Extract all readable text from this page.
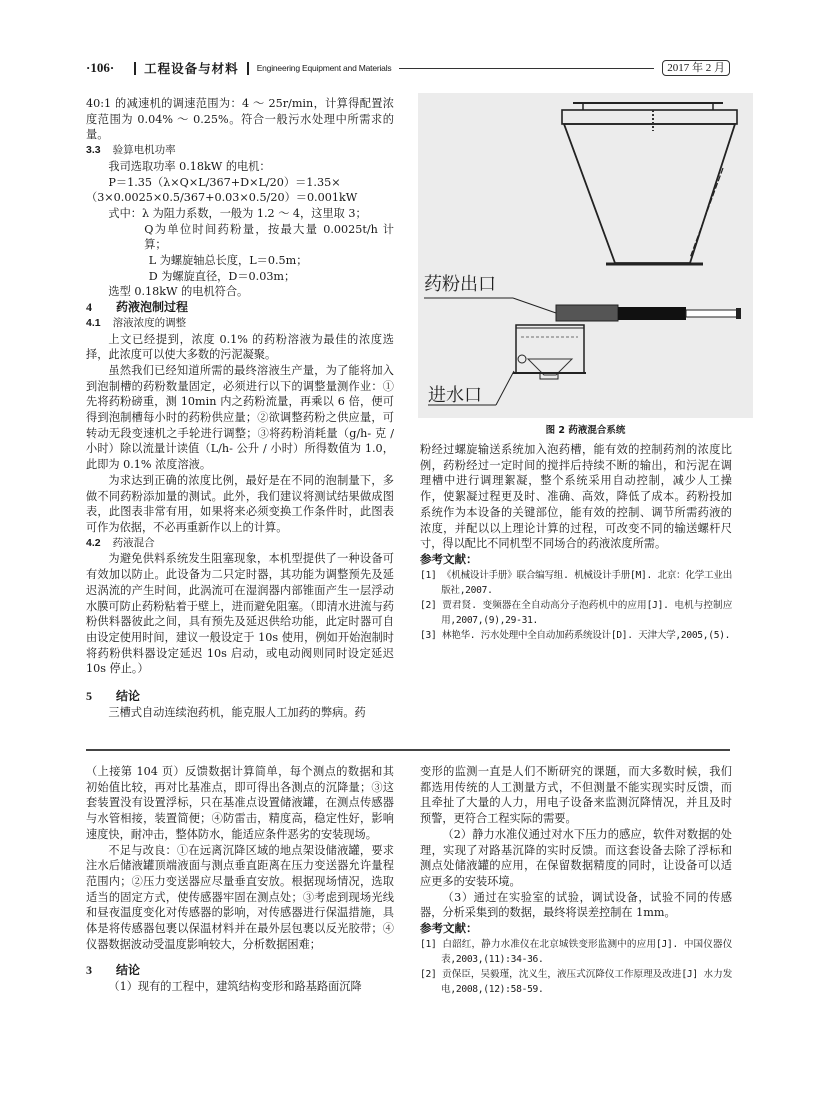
·106· 工程设备与材料 Engineering Equipment and Materials	2017 年 2 月

40:1 的减速机的调速范围为：4 ～ 25r/min，计算得配置浓度范围为 0.04% ～ 0.25%。符合一般污水处理中所需求的量。

3.3 验算电机功率

我司选取功率 0.18kW 的电机：

P＝1.35（λ×Q×L/367+D×L/20）＝1.35×

（3×0.0025×0.5/367+0.03×0.5/20）＝0.001kW

式中：λ 为阻力系数，一般为 1.2 ～ 4，这里取 3；

Q为单位时间药粉量，按最大量 0.0025t/h 计算；

L 为螺旋轴总长度，L＝0.5m；

D 为螺旋直径，D＝0.03m；

选型 0.18kW 的电机符合。

4 药液泡制过程

4.1 溶液浓度的调整

上文已经提到，浓度 0.1% 的药粉溶液为最佳的浓度选择，此浓度可以使大多数的污泥凝聚。

虽然我们已经知道所需的最终溶液生产量，为了能将加入到泡制槽的药粉数量固定，必须进行以下的调整量测作业：①先将药粉磅重，测 10min 内之药粉流量，再乘以 6 倍，便可得到泡制槽每小时的药粉供应量；②欲调整药粉之供应量，可转动无段变速机之手轮进行调整；③将药粉消耗量（g/h- 克 / 小时）除以流量计读值（L/h- 公升 / 小时）所得数值为 1.0，此即为 0.1% 浓度溶液。

为求达到正确的浓度比例，最好是在不同的泡制量下，多做不同药粉添加量的测试。此外，我们建议将测试结果做成图表，此图表非常有用，如果将来必须变换工作条件时，此图表可作为依据，不必再重新作以上的计算。

4.2 药液混合

为避免供料系统发生阻塞现象，本机型提供了一种设备可有效加以防止。此设备为二只定时器，其功能为调整预先及延迟涡流的产生时间，此涡流可在湿润器内部锥面产生一层浮动水膜可防止药粉粘着于壁上，进而避免阻塞。（即清水进流与药粉供料器彼此之间，具有预先及延迟供给功能，此定时器可自由设定使用时间，建议一般设定于 10s 使用，例如开始泡制时将药粉供料器设定延迟 10s 启动，或电动阀则同时设定延迟 10s 停止。）

5 结论

三槽式自动连续泡药机，能克服人工加药的弊病。药

药粉出口
进水口
图 2 药液混合系统

粉经过螺旋输送系统加入泡药槽，能有效的控制药剂的浓度比例，药粉经过一定时间的搅拌后持续不断的输出，和污泥在调理槽中进行调理絮凝，整个系统采用自动控制，减少人工操作，使絮凝过程更及时、准确、高效，降低了成本。药粉投加系统作为本设备的关键部位，能有效的控制、调节所需药液的浓度，并配以以上理论计算的过程，可改变不同的输送螺杆尺寸，得以配比不同机型不同场合的药液浓度所需。

参考文献：

[1] 《机械设计手册》联合编写组. 机械设计手册[M]. 北京：化学工业出版社,2007.

[2] 贾君贤. 变频器在全自动高分子泡药机中的应用[J]. 电机与控制应用,2007,(9),29-31.

[3] 林艳华. 污水处理中全自动加药系统设计[D]. 天津大学,2005,(5).

（上接第 104 页）反馈数据计算简单，每个测点的数据和其初始值比较，再对比基准点，即可得出各测点的沉降量；③这套装置没有设置浮标，只在基准点设置储液罐，在测点传感器与水管相接，装置简便；④防雷击，精度高，稳定性好，影响速度快，耐冲击，整体防水，能适应条件恶劣的安装现场。

不足与改良：①在远离沉降区域的地点架设储液罐，要求注水后储液罐顶端液面与测点垂直距离在压力变送器允许量程范围内；②压力变送器应尽量垂直安放。根据现场情况，选取适当的固定方式，使传感器牢固在测点处；③考虑到现场光线和昼夜温度变化对传感器的影响，对传感器进行保温措施，具体是将传感器包裹以保温材料并在最外层包裹以反光胶带；④仪器数据波动受温度影响较大，分析数据困难；

3 结论

（1）现有的工程中，建筑结构变形和路基路面沉降

变形的监测一直是人们不断研究的课题，而大多数时候，我们都选用传统的人工测量方式，不但测量不能实现实时反馈，而且牵扯了大量的人力，用电子设备来监测沉降情况，并且及时预警，更符合工程实际的需要。

（2）静力水准仪通过对水下压力的感应，软件对数据的处理，实现了对路基沉降的实时反馈。而这套设备去除了浮标和测点处储液罐的应用，在保留数据精度的同时，让设备可以适应更多的安装环境。

（3）通过在实验室的试验，调试设备，试验不同的传感器，分析采集到的数据，最终将误差控制在 1mm。

参考文献：

[1] 白韶红，静力水准仪在北京城铁变形监测中的应用[J]. 中国仪器仪表,2003,(11):34-36.

[2] 贡保臣，吴毅瑾，沈义生，液压式沉降仪工作原理及改进[J] 水力发电,2008,(12):58-59.
